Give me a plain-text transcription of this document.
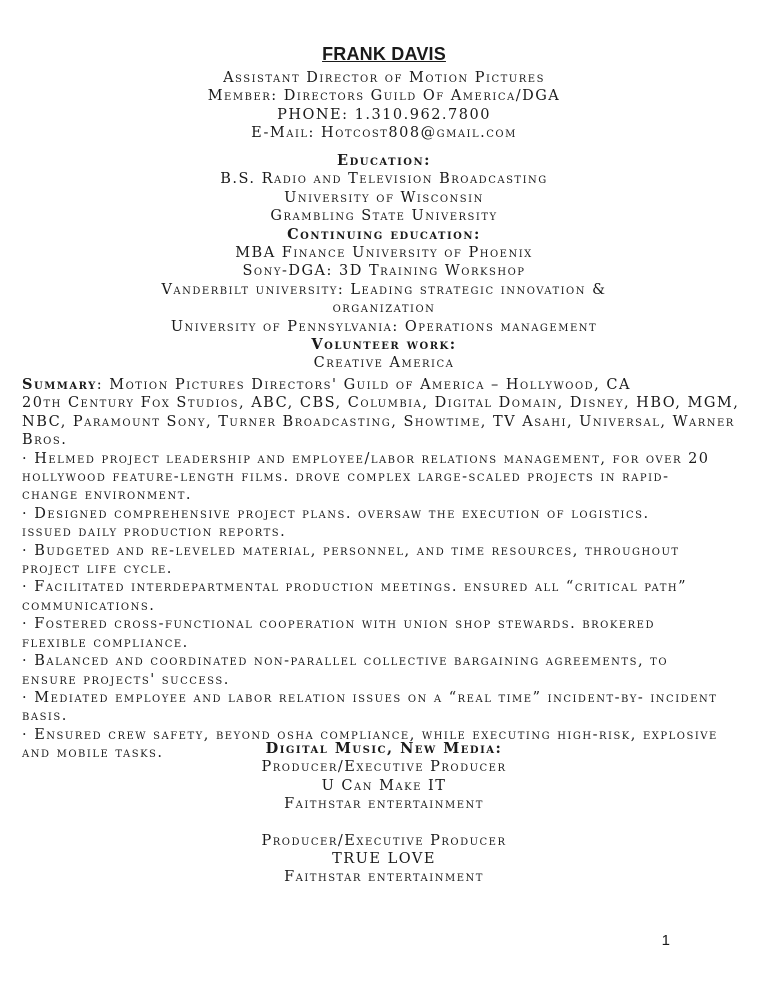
FRANK DAVIS
Assistant Director of Motion Pictures
Member: Directors Guild Of America/DGA
PHONE: 1.310.962.7800
E-Mail: Hotcost808@gmail.com
Education:
B.S. Radio and Television Broadcasting
University of Wisconsin
Grambling State University
Continuing education:
MBA Finance University of Phoenix
Sony-DGA: 3D Training Workshop
Vanderbilt university: Leading strategic innovation &
organization
University of Pennsylvania: Operations management
Volunteer work:
Creative America

Summary: Motion Pictures Directors' Guild of America – Hollywood, CA

20th Century Fox Studios, ABC, CBS, Columbia, Digital Domain, Disney, HBO, MGM,

NBC, Paramount Sony, Turner Broadcasting, Showtime, TV Asahi, Universal, Warner

Bros.

· Helmed project leadership and employee/labor relations management, for over 20

hollywood feature-length films. drove complex large-scaled projects in rapid-

change environment.

· Designed comprehensive project plans. oversaw the execution of logistics.

issued daily production reports.

· Budgeted and re-leveled material, personnel, and time resources, throughout

project life cycle.

· Facilitated interdepartmental production meetings. ensured all “critical path”

communications.

· Fostered cross-functional cooperation with union shop stewards. brokered

flexible compliance.

· Balanced and coordinated non-parallel collective bargaining agreements, to

ensure projects' success.

· Mediated employee and labor relation issues on a “real time” incident-by- incident

basis.

· Ensured crew safety, beyond osha compliance, while executing high-risk, explosive

and mobile tasks.	Digital Music, New Media:
Producer/Executive Producer
U Can Make IT
Faithstar entertainment
Producer/Executive Producer
TRUE LOVE
Faithstar entertainment
1
